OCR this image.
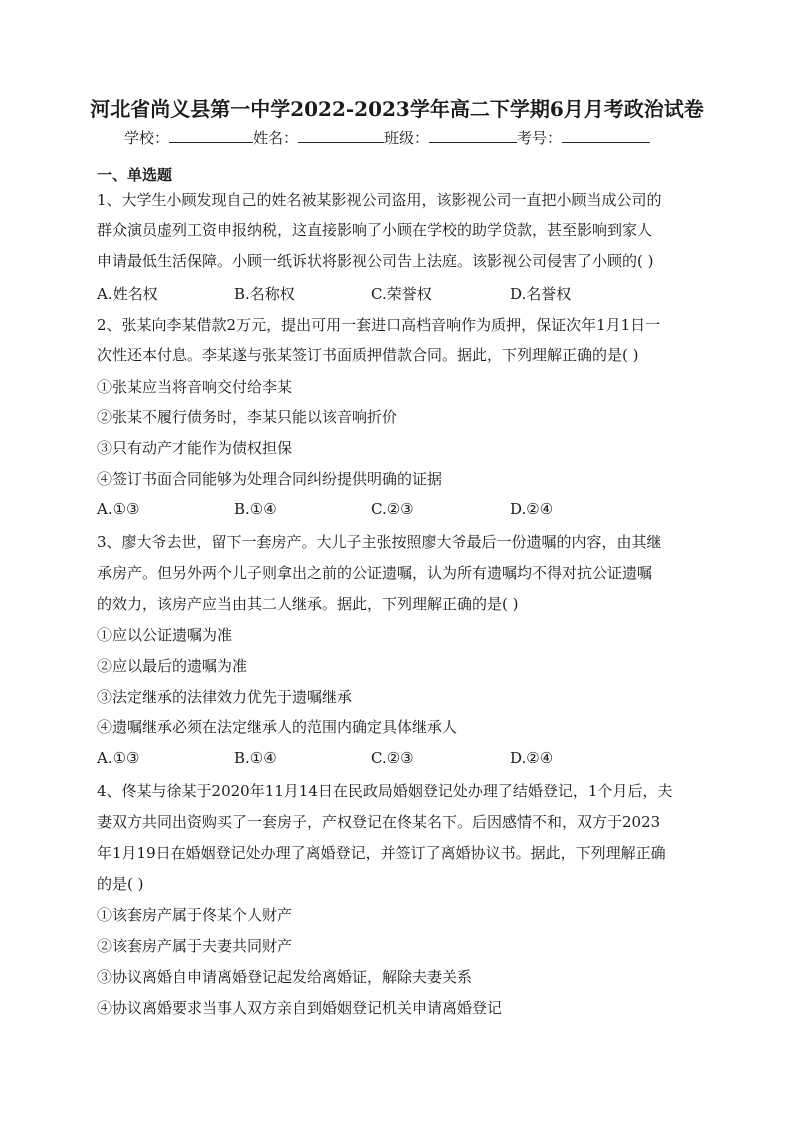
河北省尚义县第一中学2022-2023学年高二下学期6月月考政治试卷
学校：	姓名：	班级：	考号：
一、单选题
1、大学生小顾发现自己的姓名被某影视公司盗用，该影视公司一直把小顾当成公司的
群众演员虚列工资申报纳税，这直接影响了小顾在学校的助学贷款，甚至影响到家人
申请最低生活保障。小顾一纸诉状将影视公司告上法庭。该影视公司侵害了小顾的( )
A.姓名权	B.名称权	C.荣誉权	D.名誉权
2、张某向李某借款2万元，提出可用一套进口高档音响作为质押，保证次年1月1日一
次性还本付息。李某遂与张某签订书面质押借款合同。据此，下列理解正确的是( )
①张某应当将音响交付给李某
②张某不履行债务时，李某只能以该音响折价
③只有动产才能作为债权担保
④签订书面合同能够为处理合同纠纷提供明确的证据
A.①③	B.①④	C.②③	D.②④
3、廖大爷去世，留下一套房产。大儿子主张按照廖大爷最后一份遗嘱的内容，由其继
承房产。但另外两个儿子则拿出之前的公证遗嘱，认为所有遗嘱均不得对抗公证遗嘱
的效力，该房产应当由其二人继承。据此，下列理解正确的是( )
①应以公证遗嘱为准
②应以最后的遗嘱为准
③法定继承的法律效力优先于遗嘱继承
④遗嘱继承必须在法定继承人的范围内确定具体继承人
A.①③	B.①④	C.②③	D.②④
4、佟某与徐某于2020年11月14日在民政局婚姻登记处办理了结婚登记，1个月后，夫
妻双方共同出资购买了一套房子，产权登记在佟某名下。后因感情不和，双方于2023
年1月19日在婚姻登记处办理了离婚登记，并签订了离婚协议书。据此，下列理解正确
的是( )
①该套房产属于佟某个人财产
②该套房产属于夫妻共同财产
③协议离婚自申请离婚登记起发给离婚证，解除夫妻关系
④协议离婚要求当事人双方亲自到婚姻登记机关申请离婚登记
